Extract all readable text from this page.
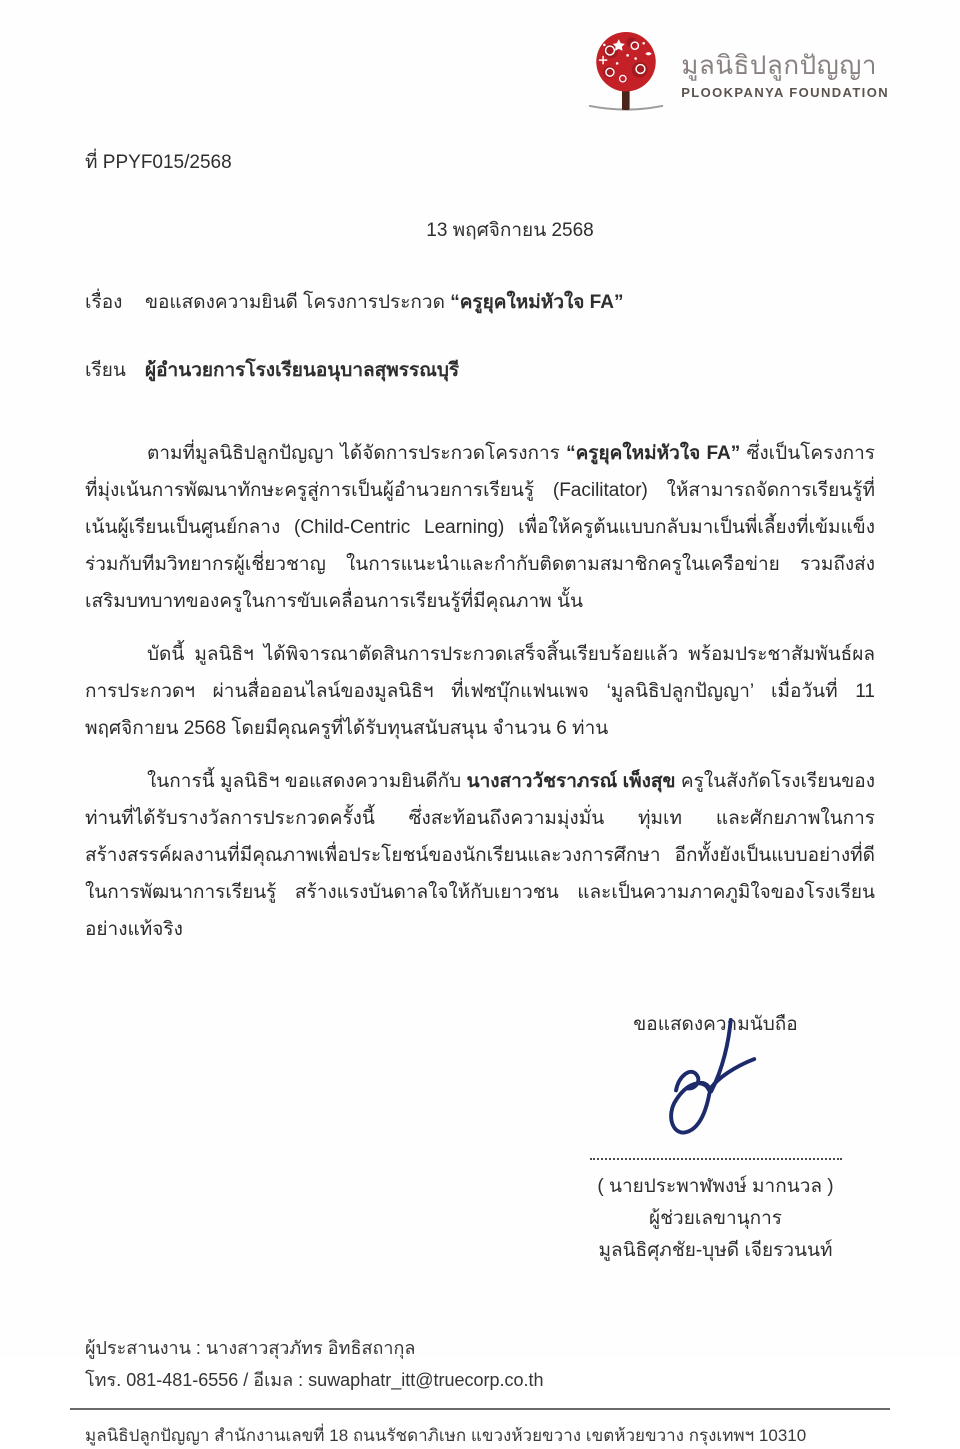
มูลนิธิปลูกปัญญา
PLOOKPANYA FOUNDATION
ที่ PPYF015/2568
13 พฤศจิกายน 2568
เรื่อง	ขอแสดงความยินดี โครงการประกวด “ครูยุคใหม่หัวใจ FA”
เรียน	ผู้อำนวยการโรงเรียนอนุบาลสุพรรณบุรี

ตามที่มูลนิธิปลูกปัญญา ได้จัดการประกวดโครงการ “ครูยุคใหม่หัวใจ FA” ซึ่งเป็นโครงการที่มุ่งเน้นการพัฒนาทักษะครูสู่การเป็นผู้อำนวยการเรียนรู้ (Facilitator) ให้สามารถจัดการเรียนรู้ที่เน้นผู้เรียนเป็นศูนย์กลาง (Child-Centric Learning) เพื่อให้ครูต้นแบบกลับมาเป็นพี่เลี้ยงที่เข้มแข็งร่วมกับทีมวิทยากรผู้เชี่ยวชาญ ในการแนะนำและกำกับติดตามสมาชิกครูในเครือข่าย รวมถึงส่งเสริมบทบาทของครูในการขับเคลื่อนการเรียนรู้ที่มีคุณภาพ นั้น

บัดนี้ มูลนิธิฯ ได้พิจารณาตัดสินการประกวดเสร็จสิ้นเรียบร้อยแล้ว พร้อมประชาสัมพันธ์ผลการประกวดฯ ผ่านสื่อออนไลน์ของมูลนิธิฯ ที่เฟซบุ๊กแฟนเพจ ‘มูลนิธิปลูกปัญญา’ เมื่อวันที่ 11 พฤศจิกายน 2568 โดยมีคุณครูที่ได้รับทุนสนับสนุน จำนวน 6 ท่าน

ในการนี้ มูลนิธิฯ ขอแสดงความยินดีกับ นางสาววัชราภรณ์ เพ็งสุข ครูในสังกัดโรงเรียนของท่านที่ได้รับรางวัลการประกวดครั้งนี้ ซึ่งสะท้อนถึงความมุ่งมั่น ทุ่มเท และศักยภาพในการสร้างสรรค์ผลงานที่มีคุณภาพเพื่อประโยชน์ของนักเรียนและวงการศึกษา อีกทั้งยังเป็นแบบอย่างที่ดีในการพัฒนาการเรียนรู้ สร้างแรงบันดาลใจให้กับเยาวชน และเป็นความภาคภูมิใจของโรงเรียนอย่างแท้จริง

ขอแสดงความนับถือ
( นายประพาฬพงษ์ มากนวล )
ผู้ช่วยเลขานุการ
มูลนิธิศุภชัย-บุษดี เจียรวนนท์
ผู้ประสานงาน : นางสาวสุวภัทร อิทธิสถากุล
โทร. 081-481-6556 / อีเมล : suwaphatr_itt@truecorp.co.th
มูลนิธิปลูกปัญญา สำนักงานเลขที่ 18 ถนนรัชดาภิเษก แขวงห้วยขวาง เขตห้วยขวาง กรุงเทพฯ 10310
